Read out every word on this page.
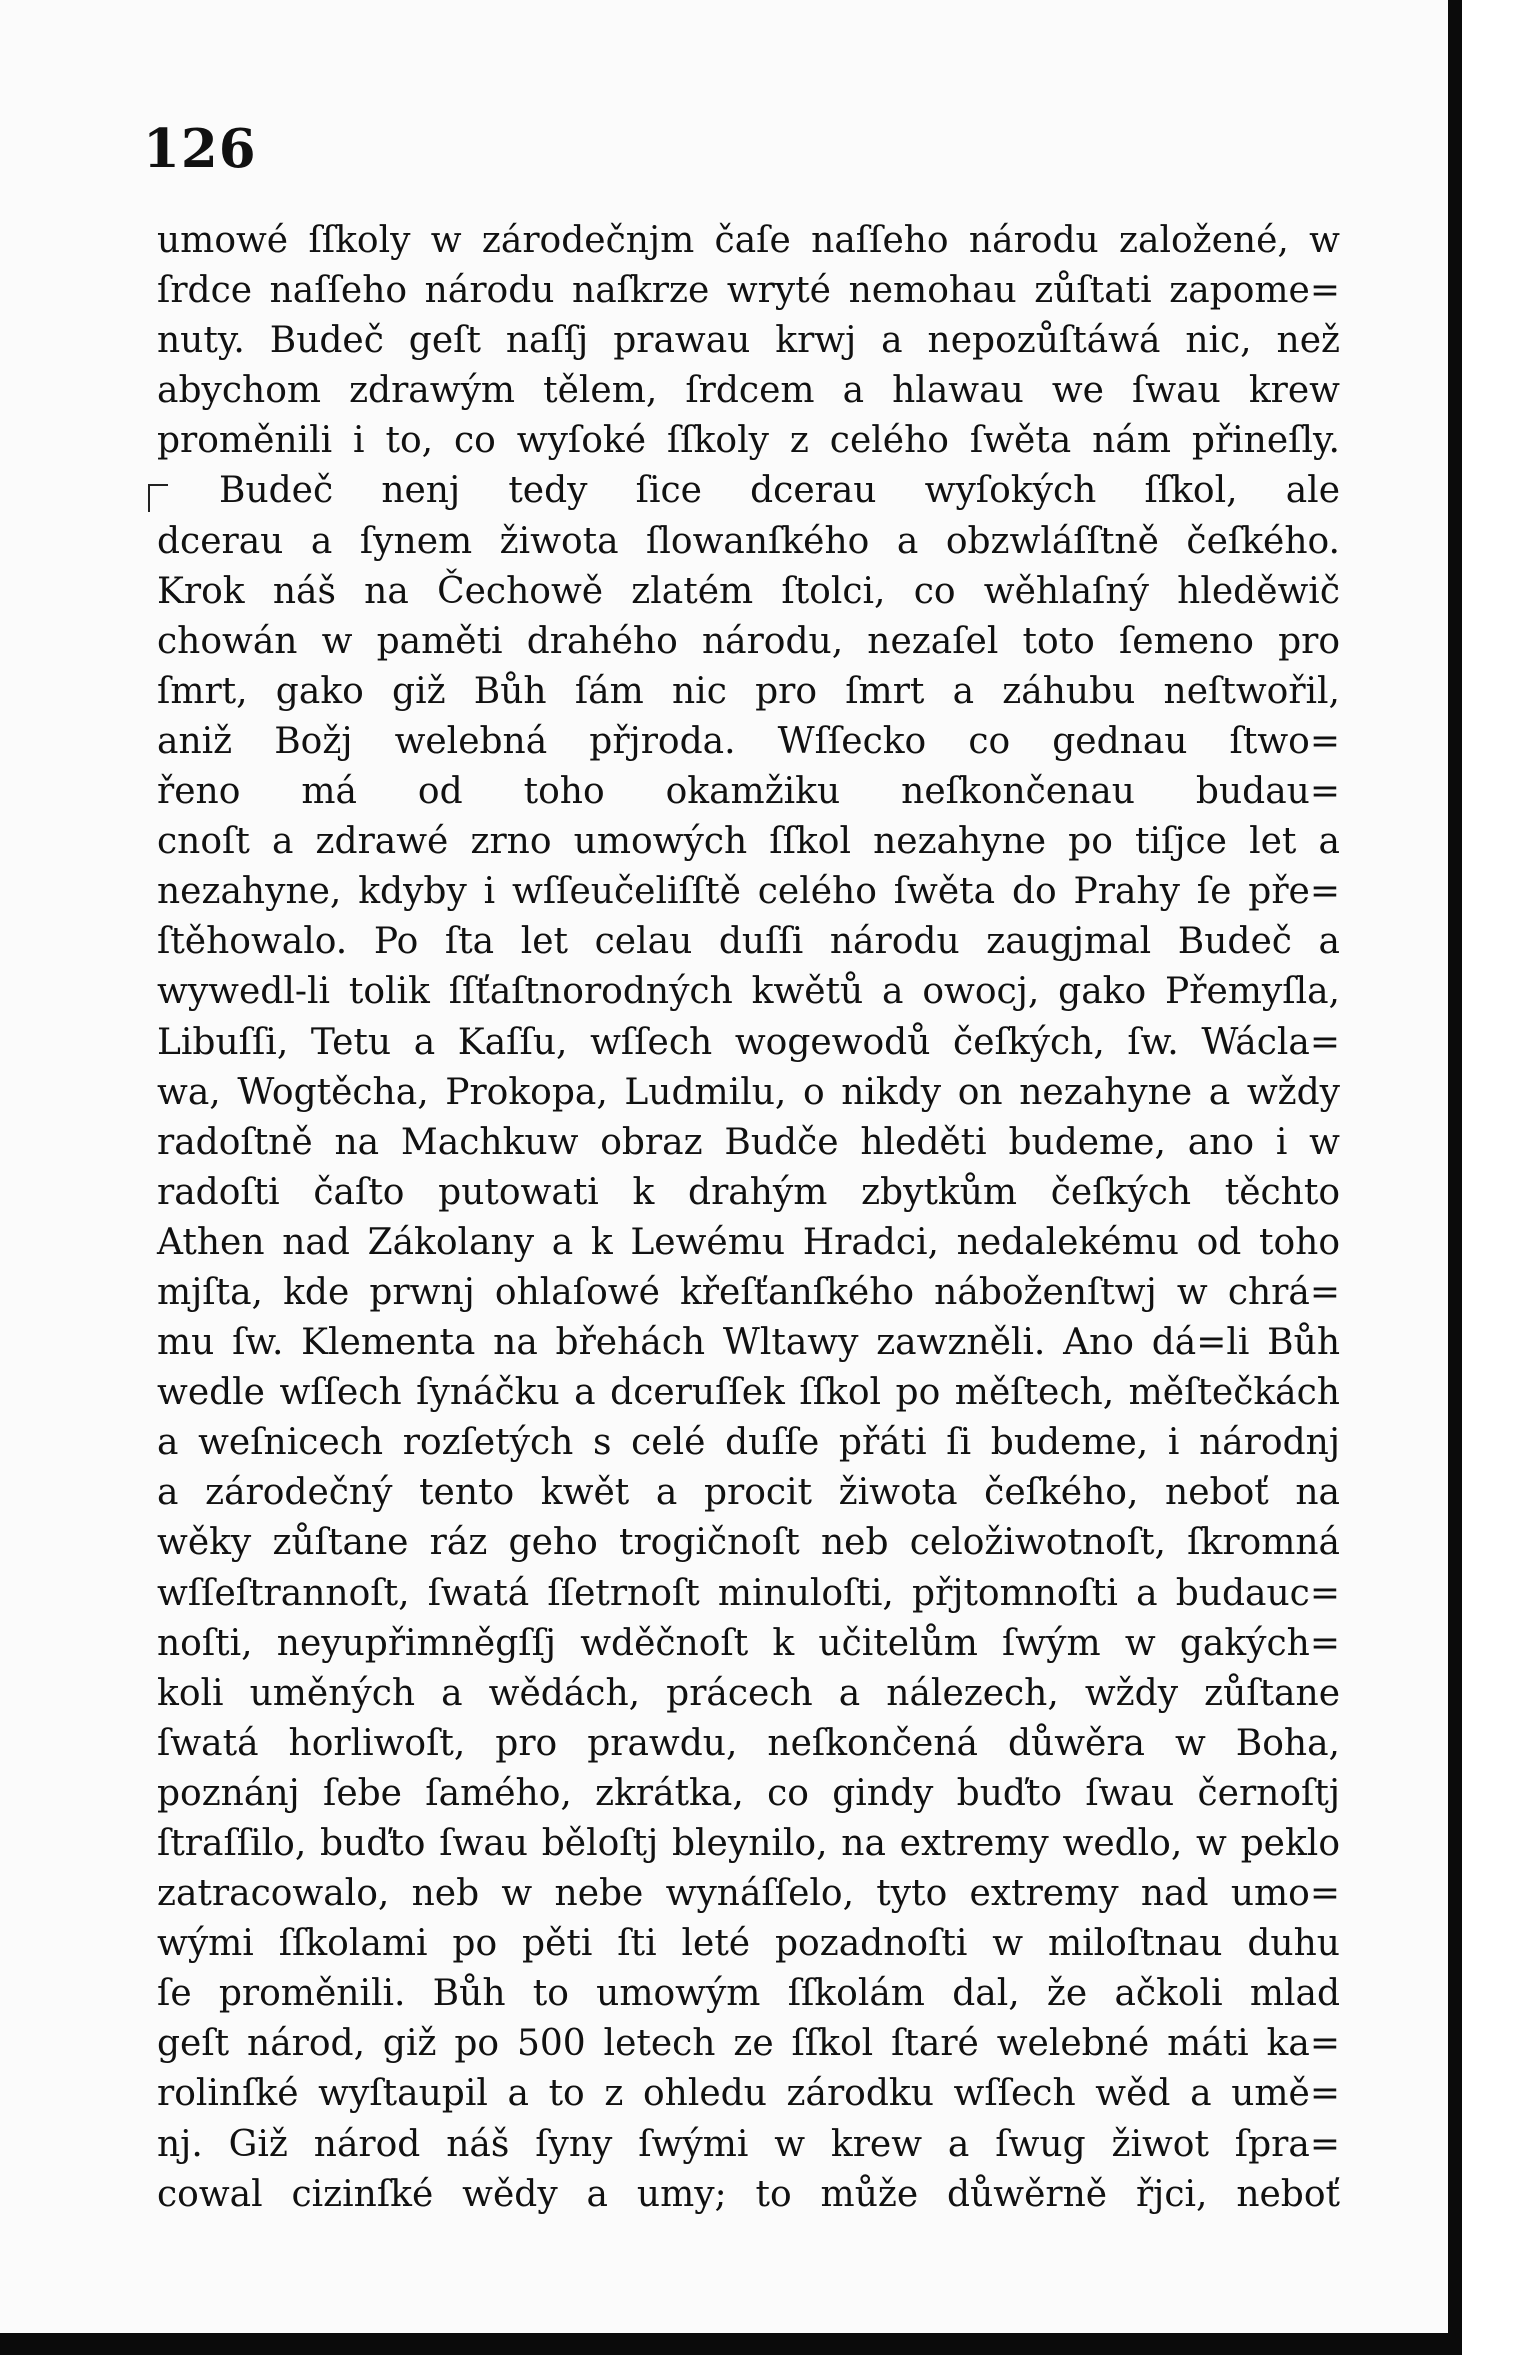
126
umowé ſſkoly w zárodečnjm čaſe naſſeho národu založené, w
ſrdce naſſeho národu naſkrze wryté nemohau zůſtati zapome=
nuty. Budeč geſt naſſj prawau krwj a nepozůſtáwá nic, než
abychom zdrawým tělem, ſrdcem a hlawau we ſwau krew
proměnili i to, co wyſoké ſſkoly z celého ſwěta nám přineſly.
Budeč nenj tedy ſice dcerau wyſokých ſſkol, ale
dcerau a ſynem žiwota ſlowanſkého a obzwláſſtně čeſkého.
Krok náš na Čechowě zlatém ſtolci, co wěhlaſný hleděwič
chowán w paměti drahého národu, nezaſel toto ſemeno pro
ſmrt, gako giž Bůh ſám nic pro ſmrt a záhubu neſtwořil,
aniž Božj welebná přjroda. Wſſecko co gednau ſtwo=
řeno má od toho okamžiku neſkončenau budau=
cnoſt a zdrawé zrno umowých ſſkol nezahyne po tiſjce let a
nezahyne, kdyby i wſſeučeliſſtě celého ſwěta do Prahy ſe pře=
ſtěhowalo. Po ſta let celau duſſi národu zaugjmal Budeč a
wywedl-li tolik ſſťaſtnorodných kwětů a owocj, gako Přemyſla,
Libuſſi, Tetu a Kaſſu, wſſech wogewodů čeſkých, ſw. Wácla=
wa, Wogtěcha, Prokopa, Ludmilu, o nikdy on nezahyne a wždy
radoſtně na Machkuw obraz Budče hleděti budeme, ano i w
radoſti čaſto putowati k drahým zbytkům čeſkých těchto
Athen nad Zákolany a k Lewému Hradci, nedalekému od toho
mjſta, kde prwnj ohlaſowé křeſťanſkého náboženſtwj w chrá=
mu ſw. Klementa na břehách Wltawy zawzněli. Ano dá=li Bůh
wedle wſſech ſynáčku a dceruſſek ſſkol po měſtech, měſtečkách
a weſnicech rozſetých s celé duſſe přáti ſi budeme, i národnj
a zárodečný tento kwět a procit žiwota čeſkého, neboť na
wěky zůſtane ráz geho trogičnoſt neb celožiwotnoſt, ſkromná
wſſeſtrannoſt, ſwatá ſſetrnoſt minuloſti, přjtomnoſti a budauc=
noſti, neyupřimněgſſj wděčnoſt k učitelům ſwým w gakých=
koli uměných a wědách, prácech a nálezech, wždy zůſtane
ſwatá horliwoſt, pro prawdu, neſkončená důwěra w Boha,
poznánj ſebe ſamého, zkrátka, co gindy buďto ſwau černoſtj
ſtraſſilo, buďto ſwau běloſtj bleynilo, na extremy wedlo, w peklo
zatracowalo, neb w nebe wynáſſelo, tyto extremy nad umo=
wými ſſkolami po pěti ſti leté pozadnoſti w miloſtnau duhu
ſe proměnili. Bůh to umowým ſſkolám dal, že ačkoli mlad
geſt národ, giž po 500 letech ze ſſkol ſtaré welebné máti ka=
rolinſké wyſtaupil a to z ohledu zárodku wſſech wěd a umě=
nj. Giž národ náš ſyny ſwými w krew a ſwug žiwot ſpra=
cowal cizinſké wědy a umy; to může důwěrně řjci, neboť
